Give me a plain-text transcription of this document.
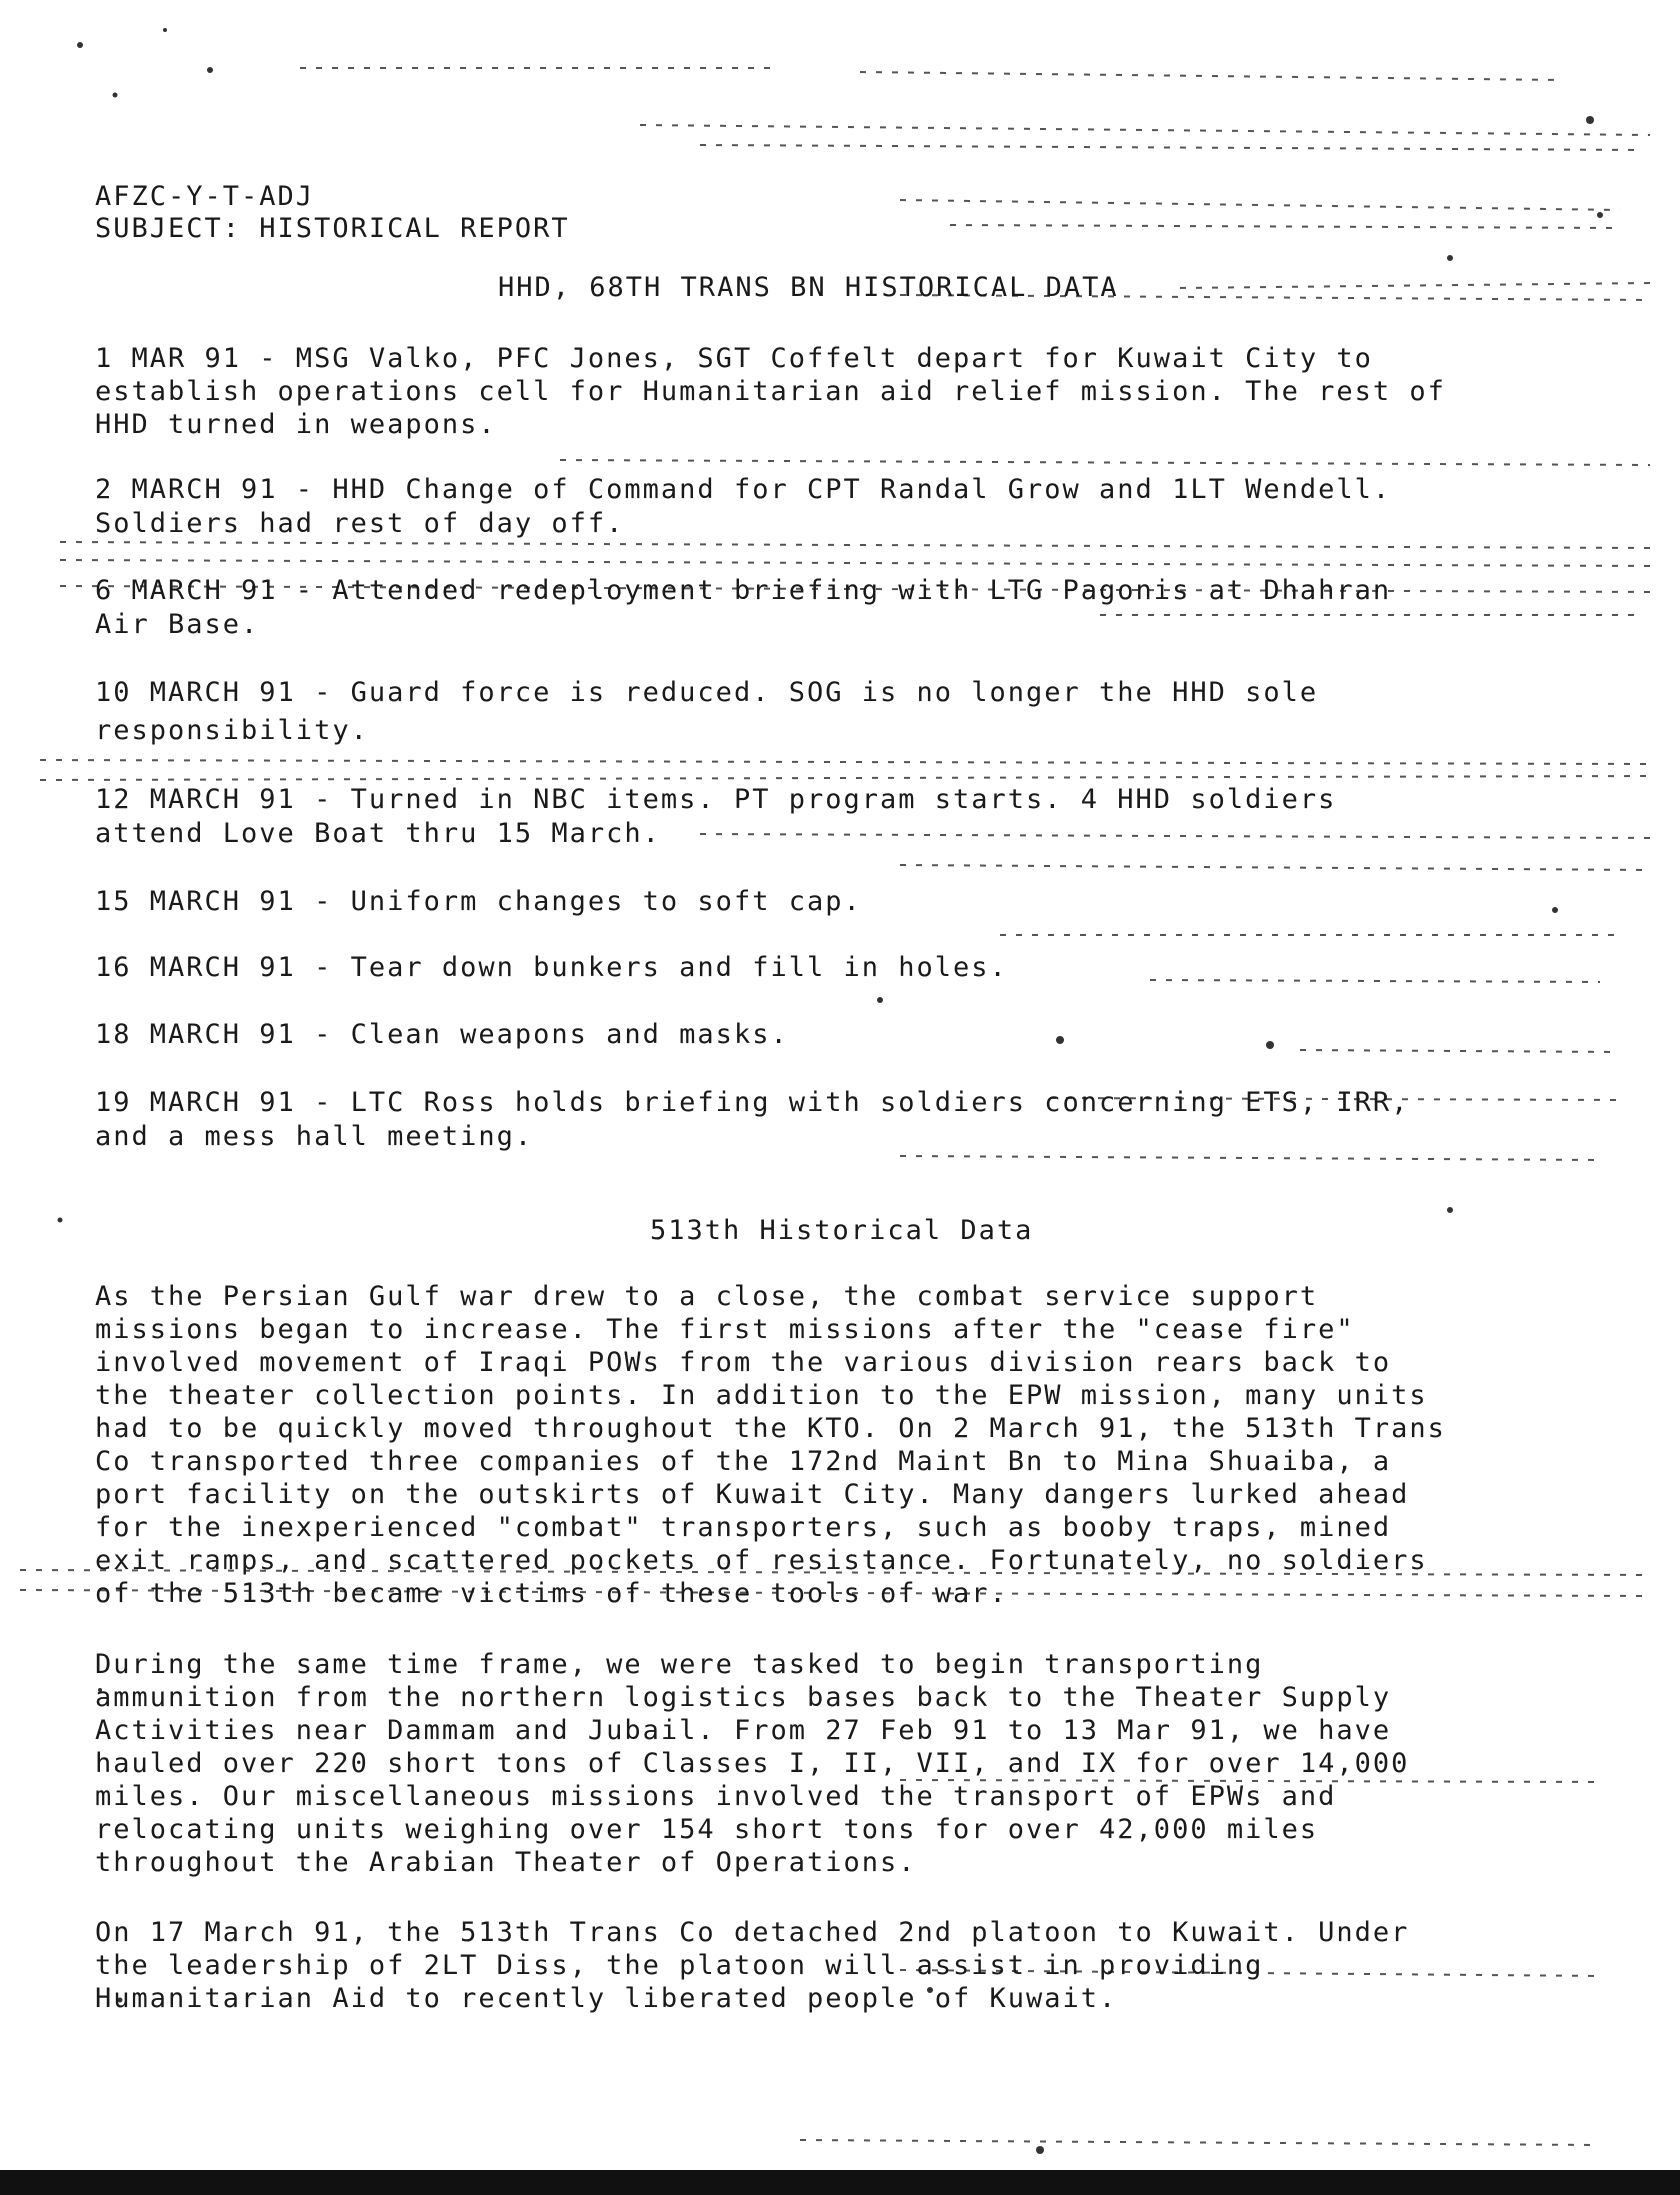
AFZC-Y-T-ADJ
SUBJECT: HISTORICAL REPORT
HHD, 68TH TRANS BN HISTORICAL DATA
1 MAR 91 - MSG Valko, PFC Jones, SGT Coffelt depart for Kuwait City to
establish operations cell for Humanitarian aid relief mission. The rest of
HHD turned in weapons.
2 MARCH 91 - HHD Change of Command for CPT Randal Grow and 1LT Wendell.
Soldiers had rest of day off.
6 MARCH 91 - Attended redeployment briefing with LTG Pagonis at Dhahran
Air Base.
10 MARCH 91 - Guard force is reduced. SOG is no longer the HHD sole
responsibility.
12 MARCH 91 - Turned in NBC items. PT program starts. 4 HHD soldiers
attend Love Boat thru 15 March.
15 MARCH 91 - Uniform changes to soft cap.
16 MARCH 91 - Tear down bunkers and fill in holes.
18 MARCH 91 - Clean weapons and masks.
19 MARCH 91 - LTC Ross holds briefing with soldiers concerning ETS, IRR,
and a mess hall meeting.
513th Historical Data
As the Persian Gulf war drew to a close, the combat service support
missions began to increase. The first missions after the "cease fire"
involved movement of Iraqi POWs from the various division rears back to
the theater collection points. In addition to the EPW mission, many units
had to be quickly moved throughout the KTO. On 2 March 91, the 513th Trans
Co transported three companies of the 172nd Maint Bn to Mina Shuaiba, a
port facility on the outskirts of Kuwait City. Many dangers lurked ahead
for the inexperienced "combat" transporters, such as booby traps, mined
exit ramps, and scattered pockets of resistance. Fortunately, no soldiers
of the 513th became victims of these tools of war.
During the same time frame, we were tasked to begin transporting
ammunition from the northern logistics bases back to the Theater Supply
Activities near Dammam and Jubail. From 27 Feb 91 to 13 Mar 91, we have
hauled over 220 short tons of Classes I, II, VII, and IX for over 14,000
miles. Our miscellaneous missions involved the transport of EPWs and
relocating units weighing over 154 short tons for over 42,000 miles
throughout the Arabian Theater of Operations.
On 17 March 91, the 513th Trans Co detached 2nd platoon to Kuwait. Under
the leadership of 2LT Diss, the platoon will assist in providing
Humanitarian Aid to recently liberated people of Kuwait.
